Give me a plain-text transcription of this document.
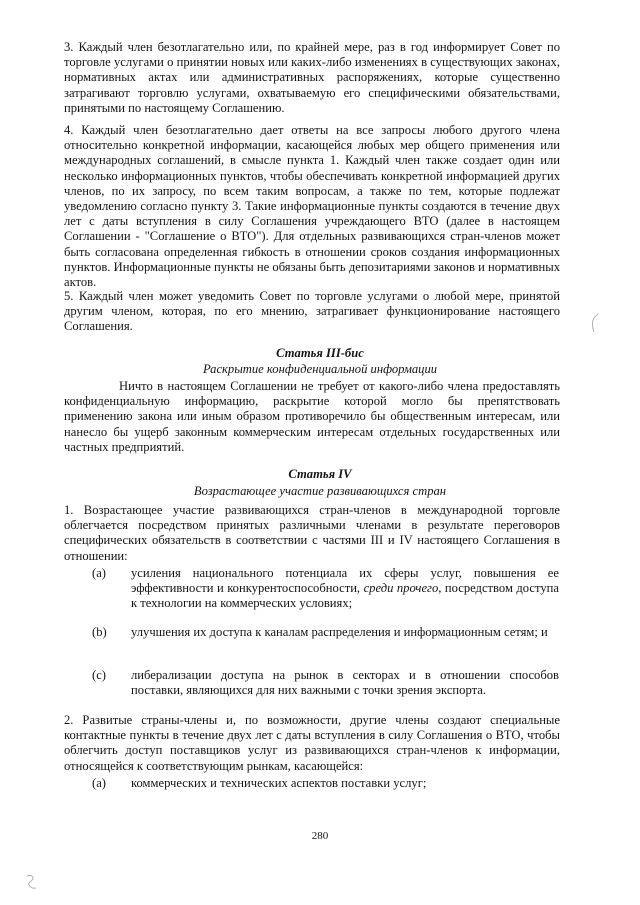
3. Каждый член безотлагательно или, по крайней мере, раз в год информирует Совет по торговле услугами о принятии новых или каких-либо изменениях в существующих законах, нормативных актах или административных распоряжениях, которые существенно затрагивают торговлю услугами, охватываемую его специфическими обязательствами, принятыми по настоящему Соглашению.
4. Каждый член безотлагательно дает ответы на все запросы любого другого члена относительно конкретной информации, касающейся любых мер общего применения или международных соглашений, в смысле пункта 1. Каждый член также создает один или несколько информационных пунктов, чтобы обеспечивать конкретной информацией других членов, по их запросу, по всем таким вопросам, а также по тем, которые подлежат уведомлению согласно пункту 3. Такие информационные пункты создаются в течение двух лет с даты вступления в силу Соглашения учреждающего ВТО (далее в настоящем Соглашении - "Соглашение о ВТО"). Для отдельных развивающихся стран-членов может быть согласована определенная гибкость в отношении сроков создания информационных пунктов. Информационные пункты не обязаны быть депозитариями законов и нормативных актов.
5. Каждый член может уведомить Совет по торговле услугами о любой мере, принятой другим членом, которая, по его мнению, затрагивает функционирование настоящего Соглашения.
Статья III-бис
Раскрытие конфиденциальной информации
Ничто в настоящем Соглашении не требует от какого-либо члена предоставлять конфиденциальную информацию, раскрытие которой могло бы препятствовать применению закона или иным образом противоречило бы общественным интересам, или нанесло бы ущерб законным коммерческим интересам отдельных государственных или частных предприятий.
Статья IV
Возрастающее участие развивающихся стран
1. Возрастающее участие развивающихся стран-членов в международной торговле облегчается посредством принятых различными членами в результате переговоров специфических обязательств в соответствии с частями III и IV настоящего Соглашения в отношении:
(a) усиления национального потенциала их сферы услуг, повышения ее эффективности и конкурентоспособности, среди прочего, посредством доступа к технологии на коммерческих условиях;
(b) улучшения их доступа к каналам распределения и информационным сетям; и
(c) либерализации доступа на рынок в секторах и в отношении способов поставки, являющихся для них важными с точки зрения экспорта.
2. Развитые страны-члены и, по возможности, другие члены создают специальные контактные пункты в течение двух лет с даты вступления в силу Соглашения о ВТО, чтобы облегчить доступ поставщиков услуг из развивающихся стран-членов к информации, относящейся к соответствующим рынкам, касающейся:
(a) коммерческих и технических аспектов поставки услуг;
280
